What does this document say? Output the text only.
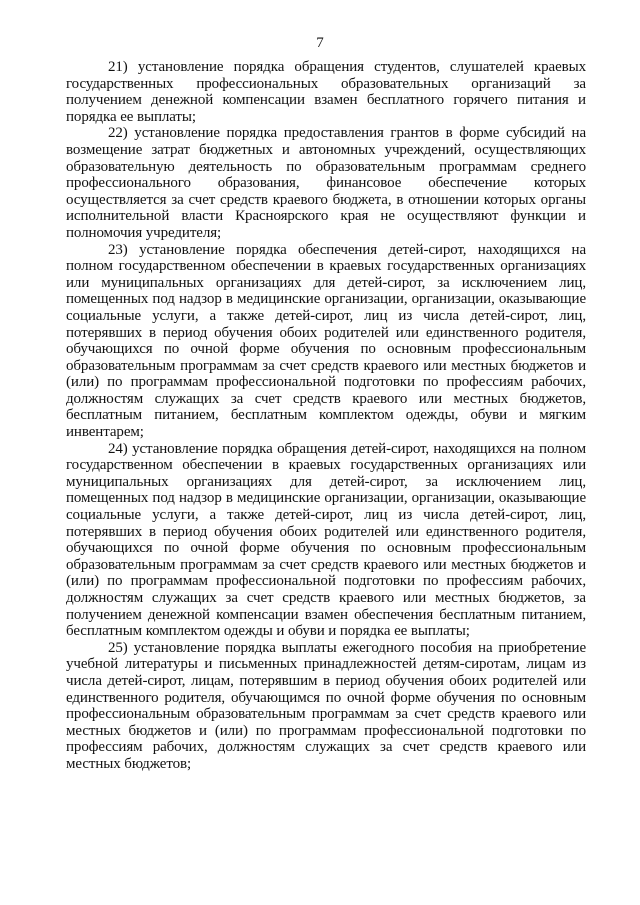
7

21) установление порядка обращения студентов, слушателей краевых государственных профессиональных образовательных организаций за получением денежной компенсации взамен бесплатного горячего питания и порядка ее выплаты;

22) установление порядка предоставления грантов в форме субсидий на возмещение затрат бюджетных и автономных учреждений, осуществляющих образовательную деятельность по образовательным программам среднего профессионального образования, финансовое обеспечение которых осуществляется за счет средств краевого бюджета, в отношении которых органы исполнительной власти Красноярского края не осуществляют функции и полномочия учредителя;

23) установление порядка обеспечения детей-сирот, находящихся на полном государственном обеспечении в краевых государственных организациях или муниципальных организациях для детей-сирот, за исключением лиц, помещенных под надзор в медицинские организации, организации, оказывающие социальные услуги, а также детей-сирот, лиц из числа детей-сирот, лиц, потерявших в период обучения обоих родителей или единственного родителя, обучающихся по очной форме обучения по основным профессиональным образовательным программам за счет средств краевого или местных бюджетов и (или) по программам профессиональной подготовки по профессиям рабочих, должностям служащих за счет средств краевого или местных бюджетов, бесплатным питанием, бесплатным комплектом одежды, обуви и мягким инвентарем;

24) установление порядка обращения детей-сирот, находящихся на полном государственном обеспечении в краевых государственных организациях или муниципальных организациях для детей-сирот, за исключением лиц, помещенных под надзор в медицинские организации, организации, оказывающие социальные услуги, а также детей-сирот, лиц из числа детей-сирот, лиц, потерявших в период обучения обоих родителей или единственного родителя, обучающихся по очной форме обучения по основным профессиональным образовательным программам за счет средств краевого или местных бюджетов и (или) по программам профессиональной подготовки по профессиям рабочих, должностям служащих за счет средств краевого или местных бюджетов, за получением денежной компенсации взамен обеспечения бесплатным питанием, бесплатным комплектом одежды и обуви и порядка ее выплаты;

25) установление порядка выплаты ежегодного пособия на приобретение учебной литературы и письменных принадлежностей детям-сиротам, лицам из числа детей-сирот, лицам, потерявшим в период обучения обоих родителей или единственного родителя, обучающимся по очной форме обучения по основным профессиональным образовательным программам за счет средств краевого или местных бюджетов и (или) по программам профессиональной подготовки по профессиям рабочих, должностям служащих за счет средств краевого или местных бюджетов;
